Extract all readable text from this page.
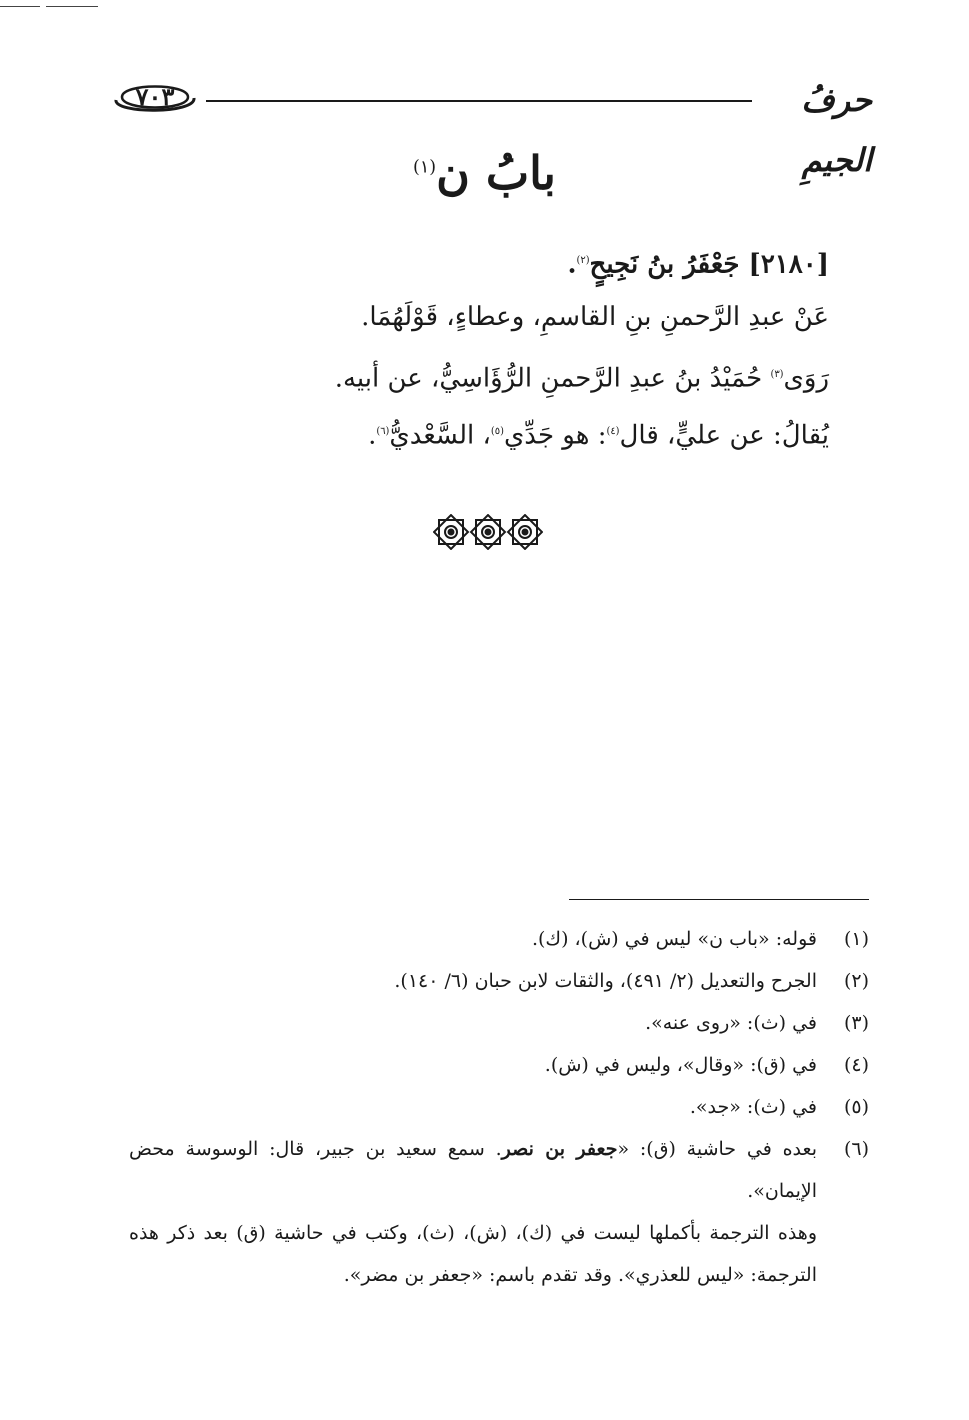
٧٠٣	حرفُ الجيمِ
بابُ ن$^{(١)}$
[٢١٨٠] جَعْفَرُ بنُ نَجِيحٍ$^{(٢)}$.
عَنْ عبدِ الرَّحمنِ بنِ القاسمِ، وعطاءٍ، قَوْلَهُمَا.
رَوَى$^{(٣)}$ حُمَيْدُ بنُ عبدِ الرَّحمنِ الرُّؤَاسِيُّ، عن أبيه.
يُقالُ: عن عليٍّ، قال$^{(٤)}$: هو جَدِّي$^{(٥)}$، السَّعْديُّ$^{(٦)}$.
(١)
قوله: «باب ن» ليس في (ش)، (ك).
(٢)
الجرح والتعديل (٢/ ٤٩١)، والثقات لابن حبان (٦/ ١٤٠).
(٣)
في (ث): «روى عنه».
(٤)
في (ق): «وقال»، وليس في (ش).
(٥)
في (ث): «جد».
(٦)
بعده في حاشية (ق): «جعفر بن نصر. سمع سعيد بن جبير، قال: الوسوسة محض الإيمان».
وهذه الترجمة بأكملها ليست في (ك)، (ش)، (ث)، وكتب في حاشية (ق) بعد ذكر هذه الترجمة: «ليس للعذري». وقد تقدم باسم: «جعفر بن مضر».
